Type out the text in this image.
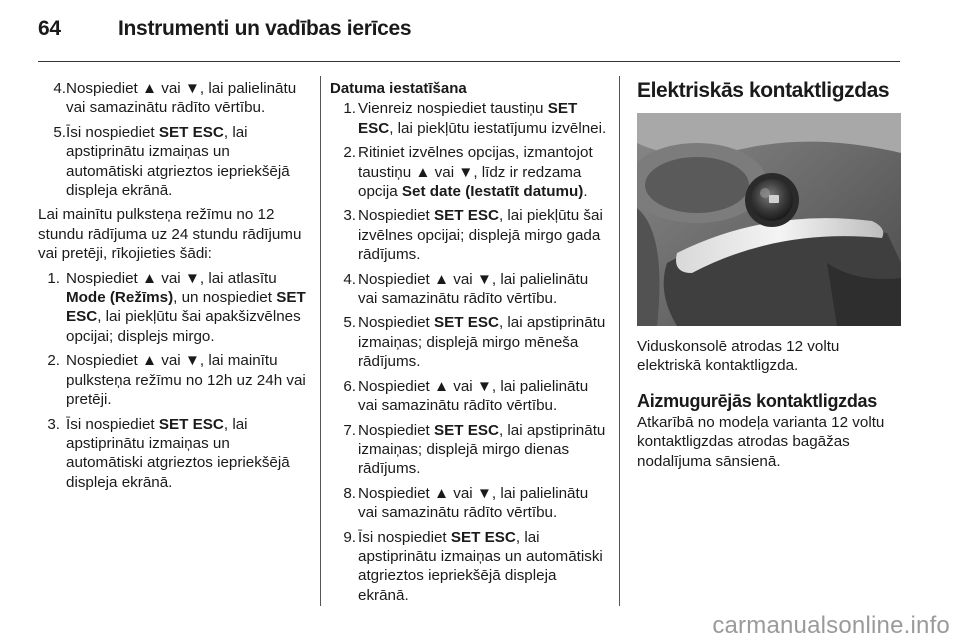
64	Instrumenti un vadības ierīces
4. Nospiediet ▲ vai ▼, lai palielinātu vai samazinātu rādīto vērtību.
5. Īsi nospiediet SET ESC, lai apstiprinātu izmaiņas un automātiski atgrieztos iepriekšējā displeja ekrānā.

Lai mainītu pulksteņa režīmu no 12 stundu rādījuma uz 24 stundu rādījumu vai pretēji, rīkojieties šādi:

1. Nospiediet ▲ vai ▼, lai atlasītu Mode (Režīms), un nospiediet SET ESC, lai piekļūtu šai apakšizvēlnes opcijai; displejs mirgo.
2. Nospiediet ▲ vai ▼, lai mainītu pulksteņa režīmu no 12h uz 24h vai pretēji.
3. Īsi nospiediet SET ESC, lai apstiprinātu izmaiņas un automātiski atgrieztos iepriekšējā displeja ekrānā.
Datuma iestatīšana
1. Vienreiz nospiediet taustiņu SET ESC, lai piekļūtu iestatījumu izvēlnei.
2. Ritiniet izvēlnes opcijas, izmantojot taustiņu ▲ vai ▼, līdz ir redzama opcija Set date (Iestatīt datumu).
3. Nospiediet SET ESC, lai piekļūtu šai izvēlnes opcijai; displejā mirgo gada rādījums.
4. Nospiediet ▲ vai ▼, lai palielinātu vai samazinātu rādīto vērtību.
5. Nospiediet SET ESC, lai apstiprinātu izmaiņas; displejā mirgo mēneša rādījums.
6. Nospiediet ▲ vai ▼, lai palielinātu vai samazinātu rādīto vērtību.
7. Nospiediet SET ESC, lai apstiprinātu izmaiņas; displejā mirgo dienas rādījums.
8. Nospiediet ▲ vai ▼, lai palielinātu vai samazinātu rādīto vērtību.
9. Īsi nospiediet SET ESC, lai apstiprinātu izmaiņas un automātiski atgrieztos iepriekšējā displeja ekrānā.
Elektriskās kontaktligzdas

Viduskonsolē atrodas 12 voltu elektriskā kontaktligzda.

Aizmugurējās kontaktligzdas

Atkarībā no modeļa varianta 12 voltu kontaktligzdas atrodas bagāžas nodalījuma sānsienā.

carmanualsonline.info
